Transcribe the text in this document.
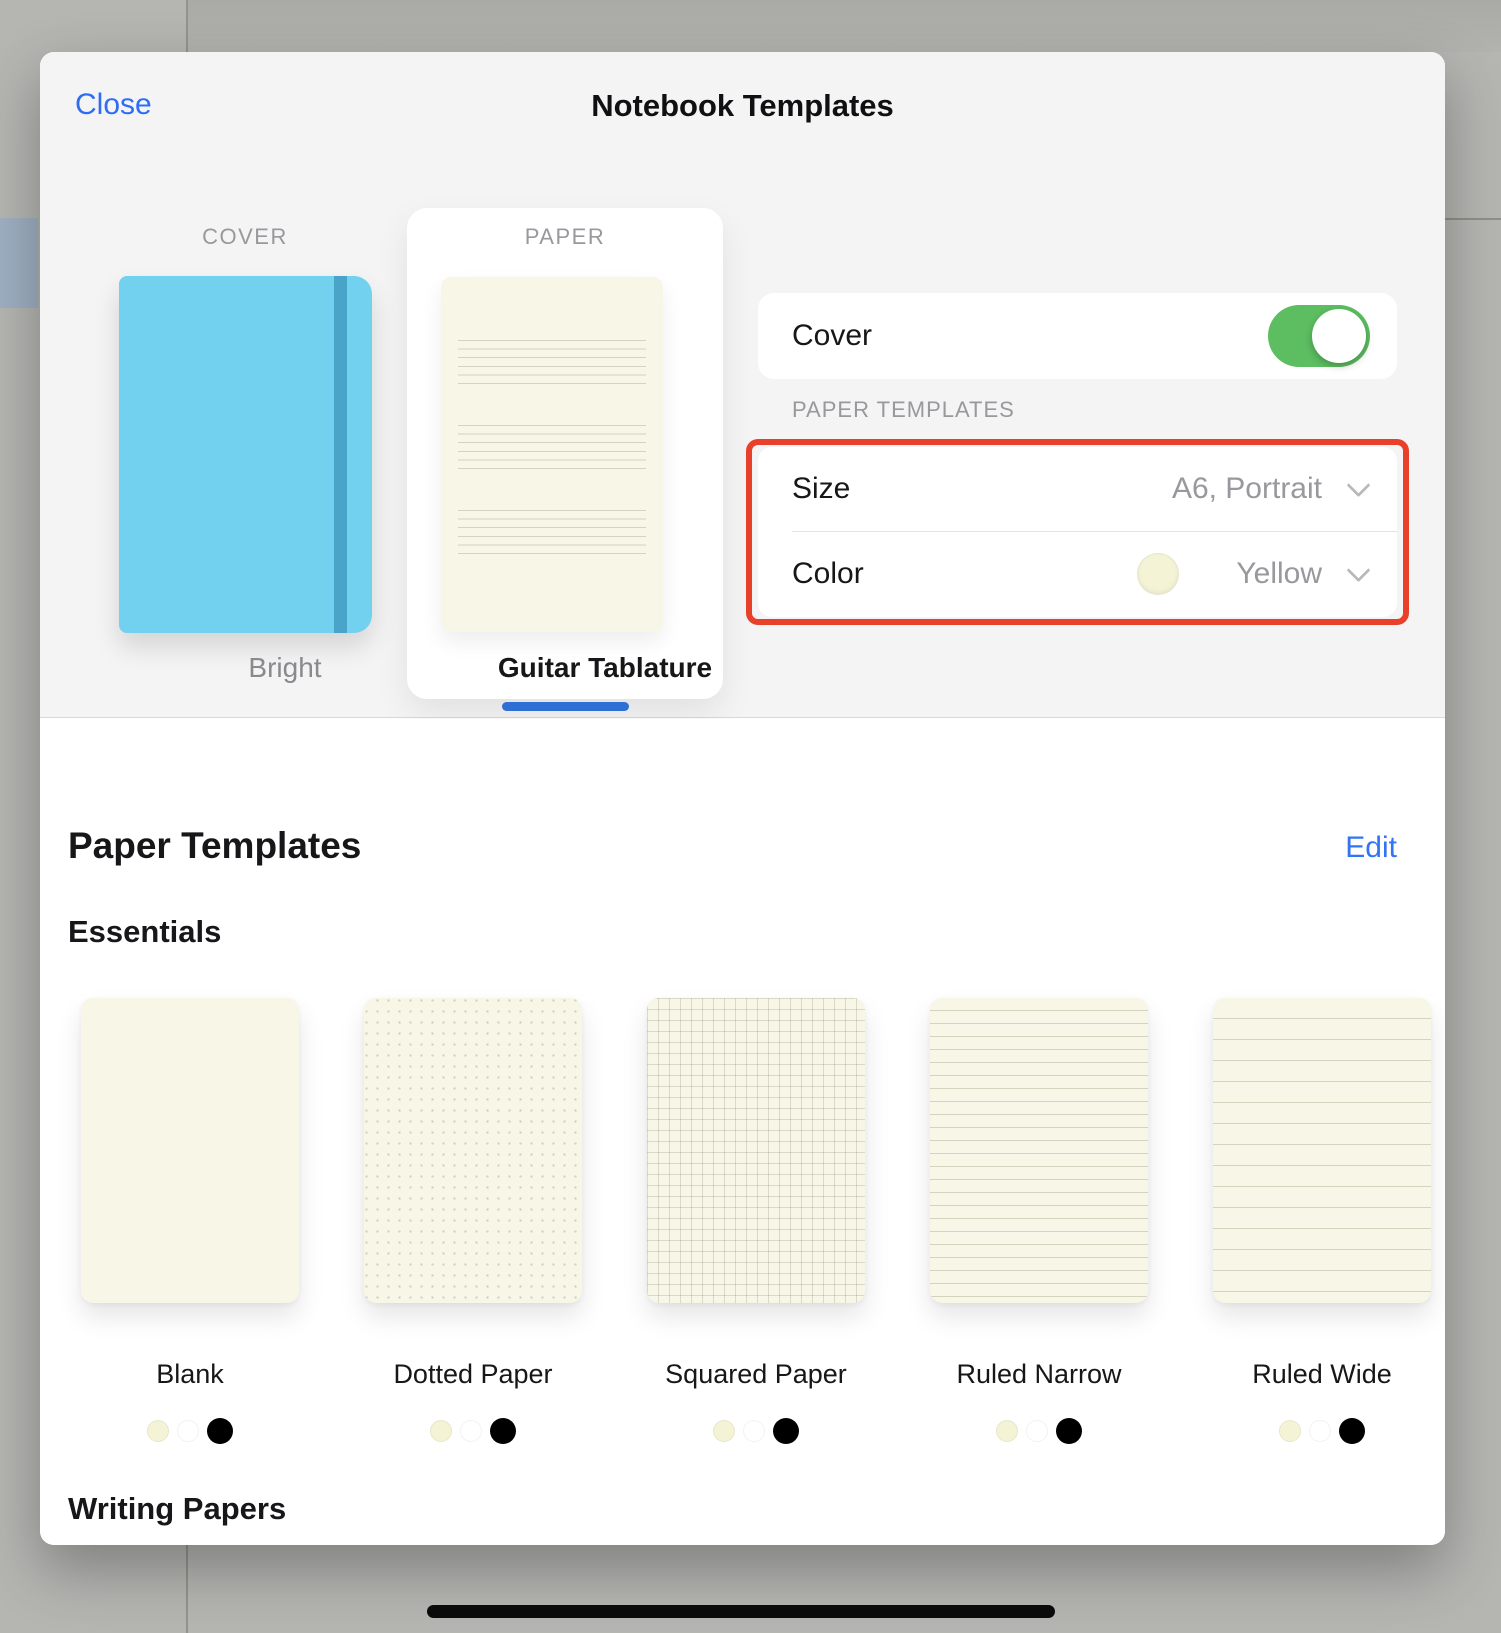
Close	Notebook Templates
COVER	PAPER
Bright	Guitar Tablature
Cover
PAPER TEMPLATES
Size	A6, Portrait
Color	Yellow
Paper Templates	Edit
Essentials
Writing Papers
Blank	Dotted Paper	Squared Paper	Ruled Narrow	Ruled Wide
